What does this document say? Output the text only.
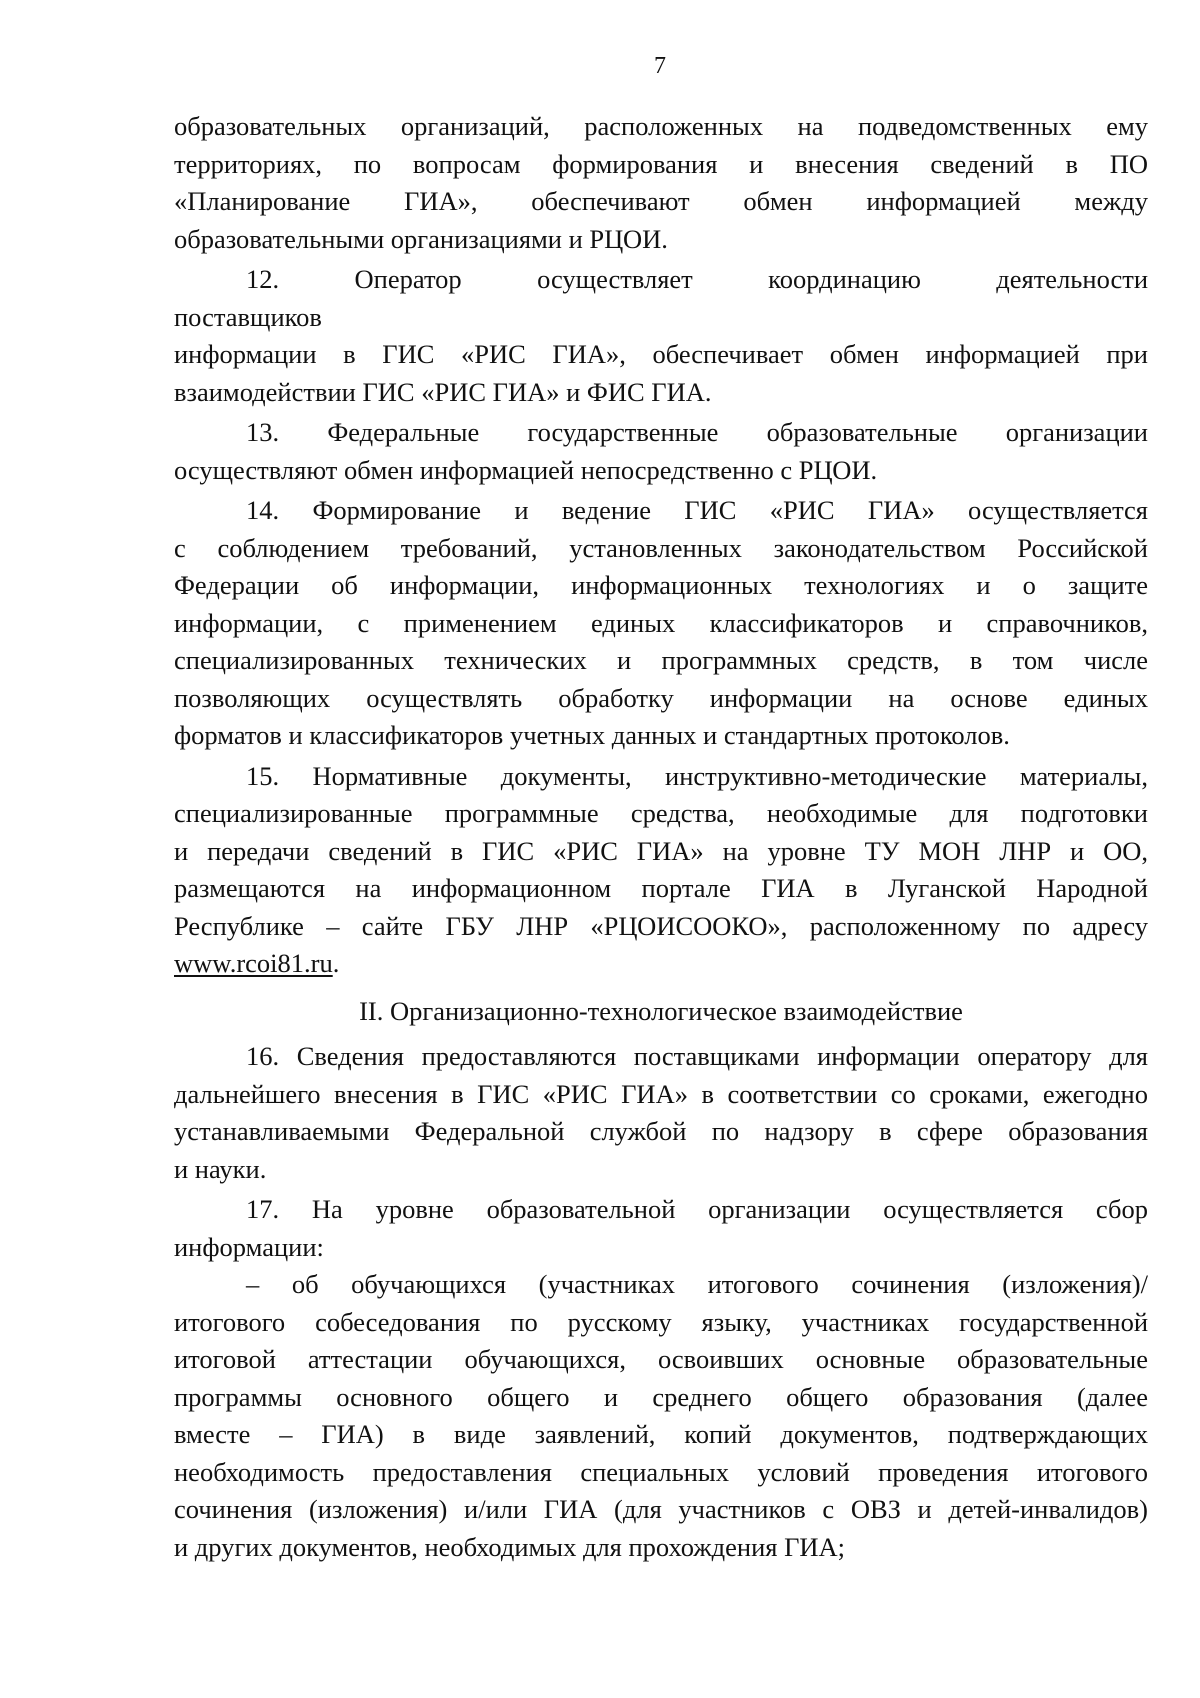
7
образовательных организаций, расположенных на подведомственных ему
территориях, по вопросам формирования и внесения сведений в ПО
«Планирование ГИА», обеспечивают обмен информацией между
образовательными организациями и РЦОИ.
12. Оператор осуществляет координацию деятельности
поставщиков
информации в ГИС «РИС ГИА», обеспечивает обмен информацией при
взаимодействии ГИС «РИС ГИА» и ФИС ГИА.
13. Федеральные государственные образовательные организации
осуществляют обмен информацией непосредственно с РЦОИ.
14. Формирование и ведение ГИС «РИС ГИА» осуществляется
с соблюдением требований, установленных законодательством Российской
Федерации об информации, информационных технологиях и о защите
информации, с применением единых классификаторов и справочников,
специализированных технических и программных средств, в том числе
позволяющих осуществлять обработку информации на основе единых
форматов и классификаторов учетных данных и стандартных протоколов.
15. Нормативные документы, инструктивно-методические материалы,
специализированные программные средства, необходимые для подготовки
и передачи сведений в ГИС «РИС ГИА» на уровне ТУ МОН ЛНР и ОО,
размещаются на информационном портале ГИА в Луганской Народной
Республике – сайте ГБУ ЛНР «РЦОИСООКО», расположенному по адресу
www.rcoi81.ru.
II. Организационно-технологическое взаимодействие
16. Сведения предоставляются поставщиками информации оператору для
дальнейшего внесения в ГИС «РИС ГИА» в соответствии со сроками, ежегодно
устанавливаемыми Федеральной службой по надзору в сфере образования
и науки.
17. На уровне образовательной организации осуществляется сбор
информации:
– об обучающихся (участниках итогового сочинения (изложения)/
итогового собеседования по русскому языку, участниках государственной
итоговой аттестации обучающихся, освоивших основные образовательные
программы основного общего и среднего общего образования (далее
вместе – ГИА) в виде заявлений, копий документов, подтверждающих
необходимость предоставления специальных условий проведения итогового
сочинения (изложения) и/или ГИА (для участников с ОВЗ и детей-инвалидов)
и других документов, необходимых для прохождения ГИА;
